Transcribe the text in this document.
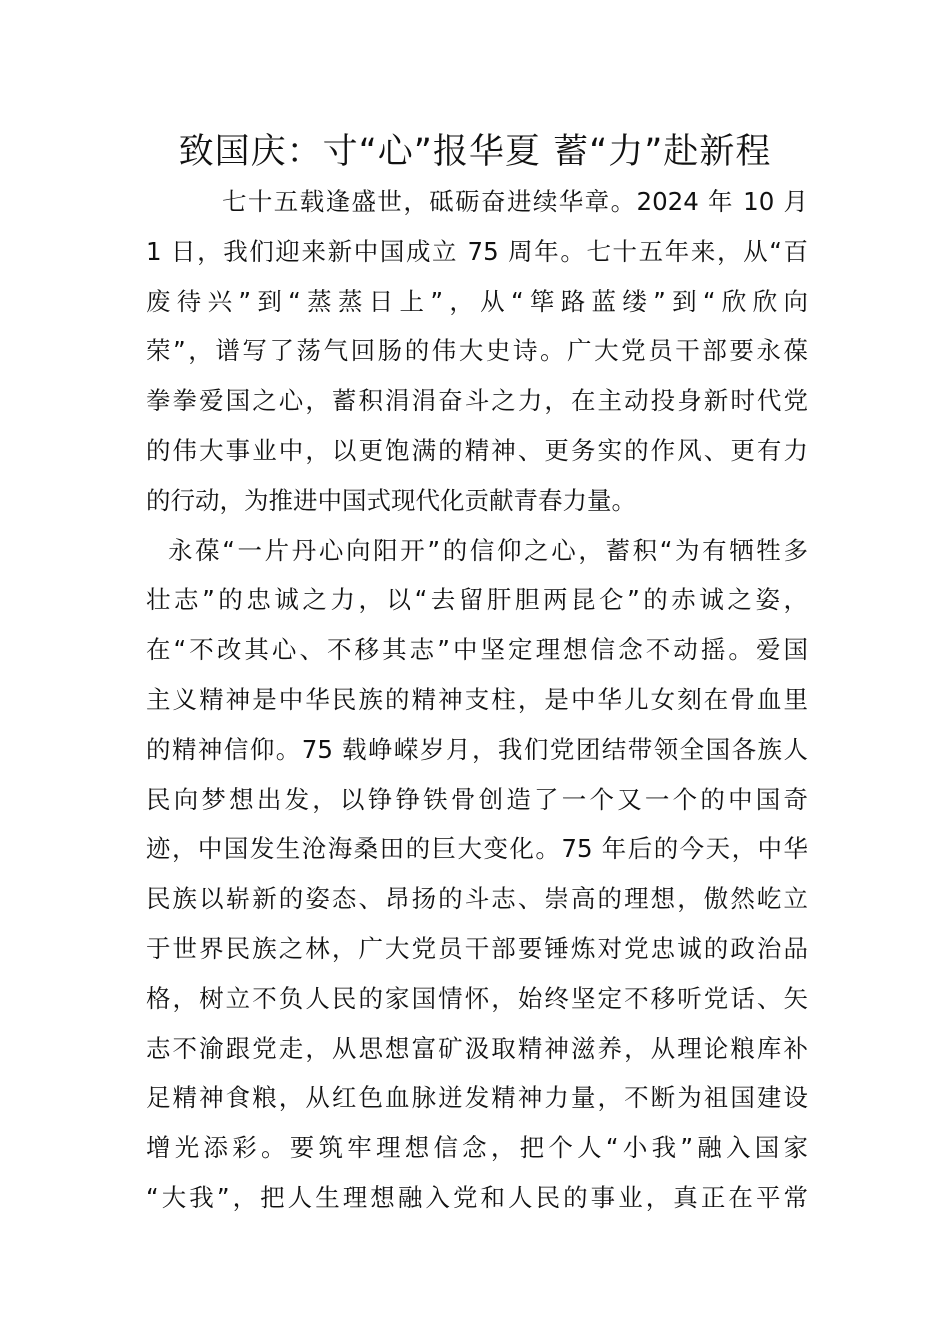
致国庆：寸“心”报华夏 蓄“力”赴新程
七十五载逢盛世，砥砺奋进续华章。2024 年 10 月
1 日，我们迎来新中国成立 75 周年。七十五年来，从“百
废待兴”到“蒸蒸日上”，从“筚路蓝缕”到“欣欣向
荣”，谱写了荡气回肠的伟大史诗。广大党员干部要永葆
拳拳爱国之心，蓄积涓涓奋斗之力，在主动投身新时代党
的伟大事业中，以更饱满的精神、更务实的作风、更有力
的行动，为推进中国式现代化贡献青春力量。
永葆“一片丹心向阳开”的信仰之心，蓄积“为有牺牲多
壮志”的忠诚之力，以“去留肝胆两昆仑”的赤诚之姿，
在“不改其心、不移其志”中坚定理想信念不动摇。爱国
主义精神是中华民族的精神支柱，是中华儿女刻在骨血里
的精神信仰。75 载峥嵘岁月，我们党团结带领全国各族人
民向梦想出发，以铮铮铁骨创造了一个又一个的中国奇
迹，中国发生沧海桑田的巨大变化。75 年后的今天，中华
民族以崭新的姿态、昂扬的斗志、崇高的理想，傲然屹立
于世界民族之林，广大党员干部要锤炼对党忠诚的政治品
格，树立不负人民的家国情怀，始终坚定不移听党话、矢
志不渝跟党走，从思想富矿汲取精神滋养，从理论粮库补
足精神食粮，从红色血脉迸发精神力量，不断为祖国建设
增光添彩。要筑牢理想信念，把个人“小我”融入国家
“大我”，把人生理想融入党和人民的事业，真正在平常
